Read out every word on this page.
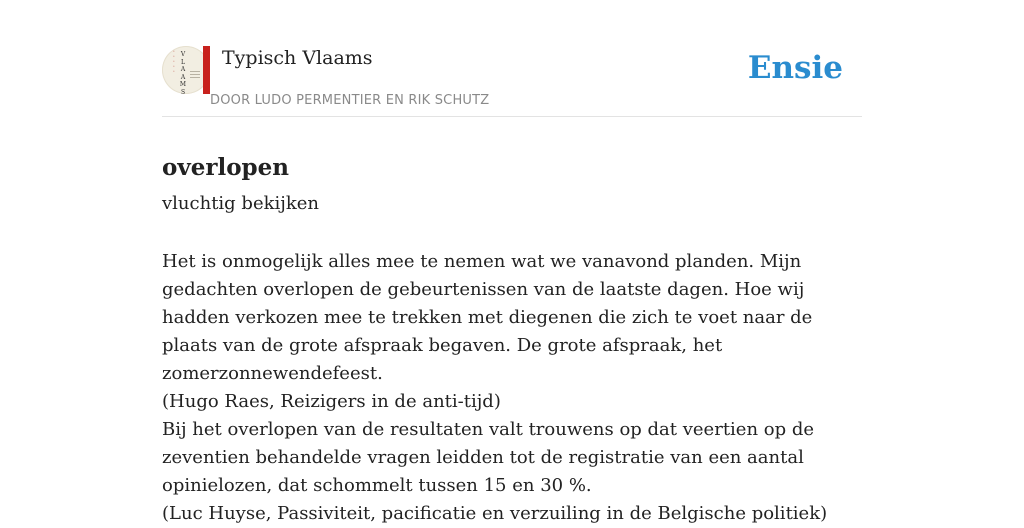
•
•
•
•
•
V
L
A
A
M
S
Typisch Vlaams
DOOR LUDO PERMENTIER EN RIK SCHUTZ
Ensie
overlopen
vluchtig bekijken

Het is onmogelijk alles mee te nemen wat we vanavond planden. Mijn gedachten overlopen de gebeurtenissen van de laatste dagen. Hoe wij hadden verkozen mee te trekken met diegenen die zich te voet naar de plaats van de grote afspraak begaven. De grote afspraak, het zomerzonnewendefeest.

(Hugo Raes, Reizigers in de anti-tijd)

Bij het overlopen van de resultaten valt trouwens op dat veertien op de zeventien behandelde vragen leidden tot de registratie van een aantal opinielozen, dat schommelt tussen 15 en 30 %.

(Luc Huyse, Passiviteit, pacificatie en verzuiling in de Belgische politiek)
